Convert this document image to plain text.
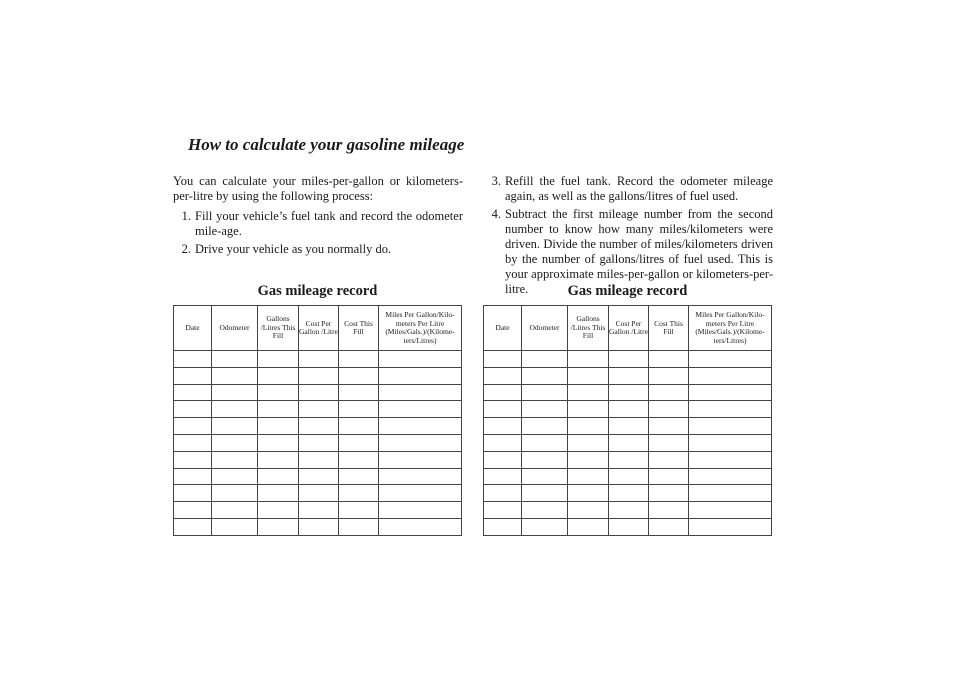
How to calculate your gasoline mileage

You can calculate your miles-per-gallon or kilometers-per-litre by using the following process:

1. Fill your vehicle’s fuel tank and record the odometer mile-age.
2. Drive your vehicle as you normally do.
3. Refill the fuel tank. Record the odometer mileage again, as well as the gallons/litres of fuel used.
4. Subtract the first mileage number from the second number to know how many miles/kilometers were driven. Divide the number of miles/kilometers driven by the number of gallons/litres of fuel used. This is your approximate miles-per-gallon or kilometers-per-litre.
Gas mileage record
Date	Odometer	Gallons /Litres This Fill	Cost Per Gallon /Litre	Cost This Fill	Miles Per Gallon/Kilo-meters Per Litre (Miles/Gals.)/(Kilome-ters/Litres)

Gas mileage record
Date	Odometer	Gallons /Litres This Fill	Cost Per Gallon /Litre	Cost This Fill	Miles Per Gallon/Kilo-meters Per Litre (Miles/Gals.)/(Kilome-ters/Litres)
